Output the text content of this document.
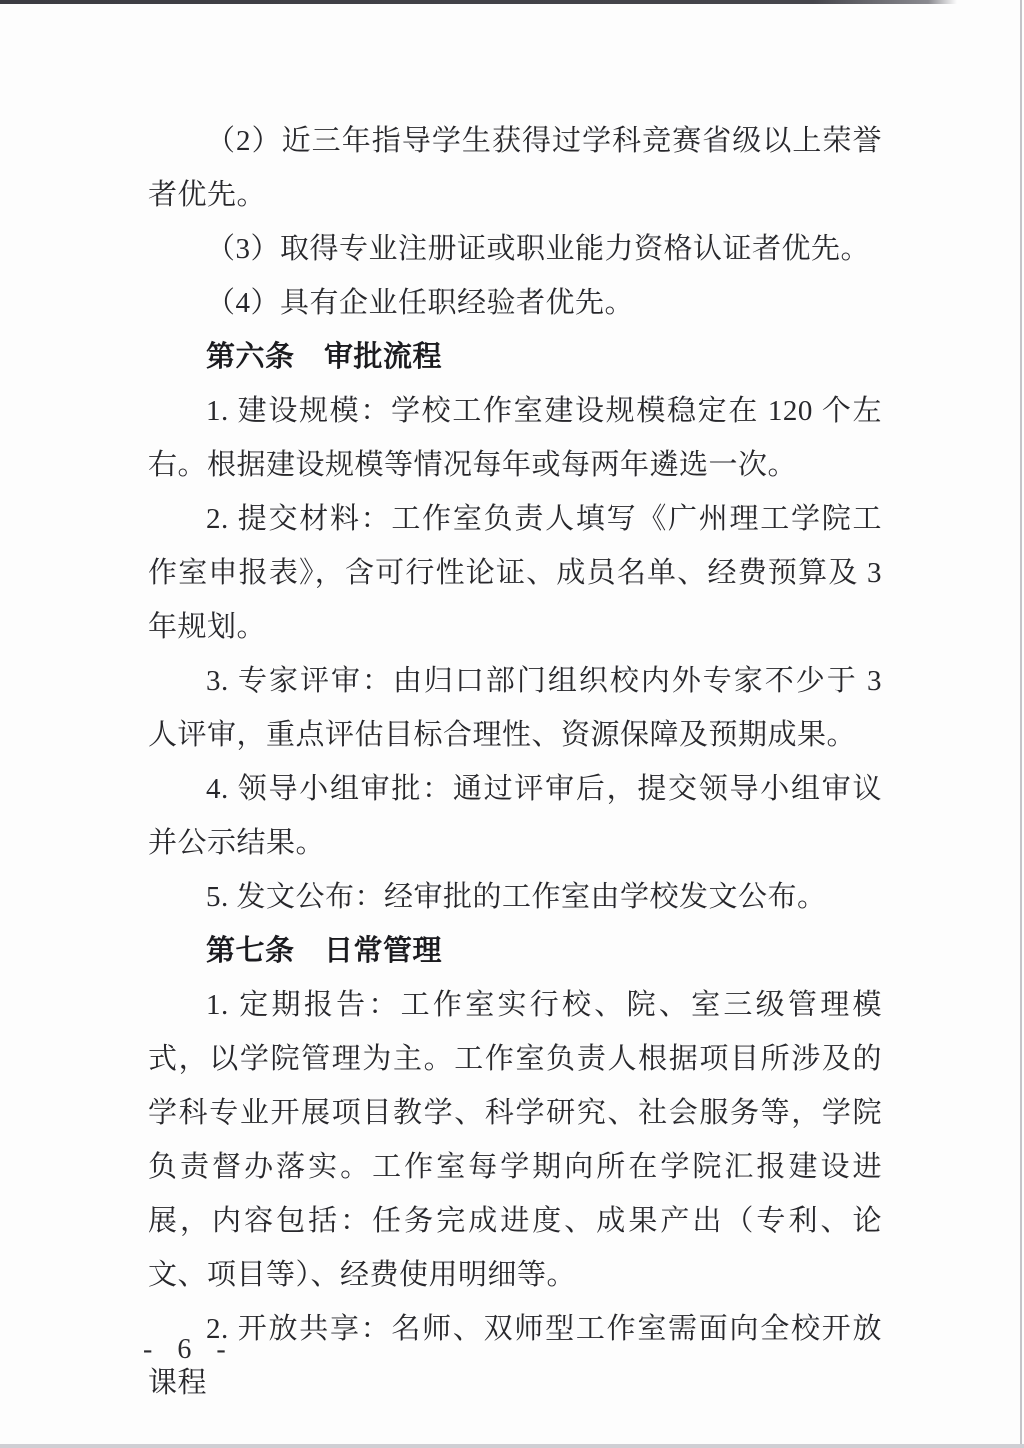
（2）近三年指导学生获得过学科竞赛省级以上荣誉者优先。

（3）取得专业注册证或职业能力资格认证者优先。

（4）具有企业任职经验者优先。

第六条　审批流程

1. 建设规模：学校工作室建设规模稳定在 120 个左右。根据建设规模等情况每年或每两年遴选一次。

2. 提交材料：工作室负责人填写《广州理工学院工作室申报表》，含可行性论证、成员名单、经费预算及 3 年规划。

3. 专家评审：由归口部门组织校内外专家不少于 3 人评审，重点评估目标合理性、资源保障及预期成果。

4. 领导小组审批：通过评审后，提交领导小组审议并公示结果。

5. 发文公布：经审批的工作室由学校发文公布。

第七条　日常管理

1. 定期报告：工作室实行校、院、室三级管理模式，以学院管理为主。工作室负责人根据项目所涉及的学科专业开展项目教学、科学研究、社会服务等，学院负责督办落实。工作室每学期向所在学院汇报建设进展，内容包括：任务完成进度、成果产出（专利、论文、项目等）、经费使用明细等。

2. 开放共享：名师、双师型工作室需面向全校开放课程

- 6 -
